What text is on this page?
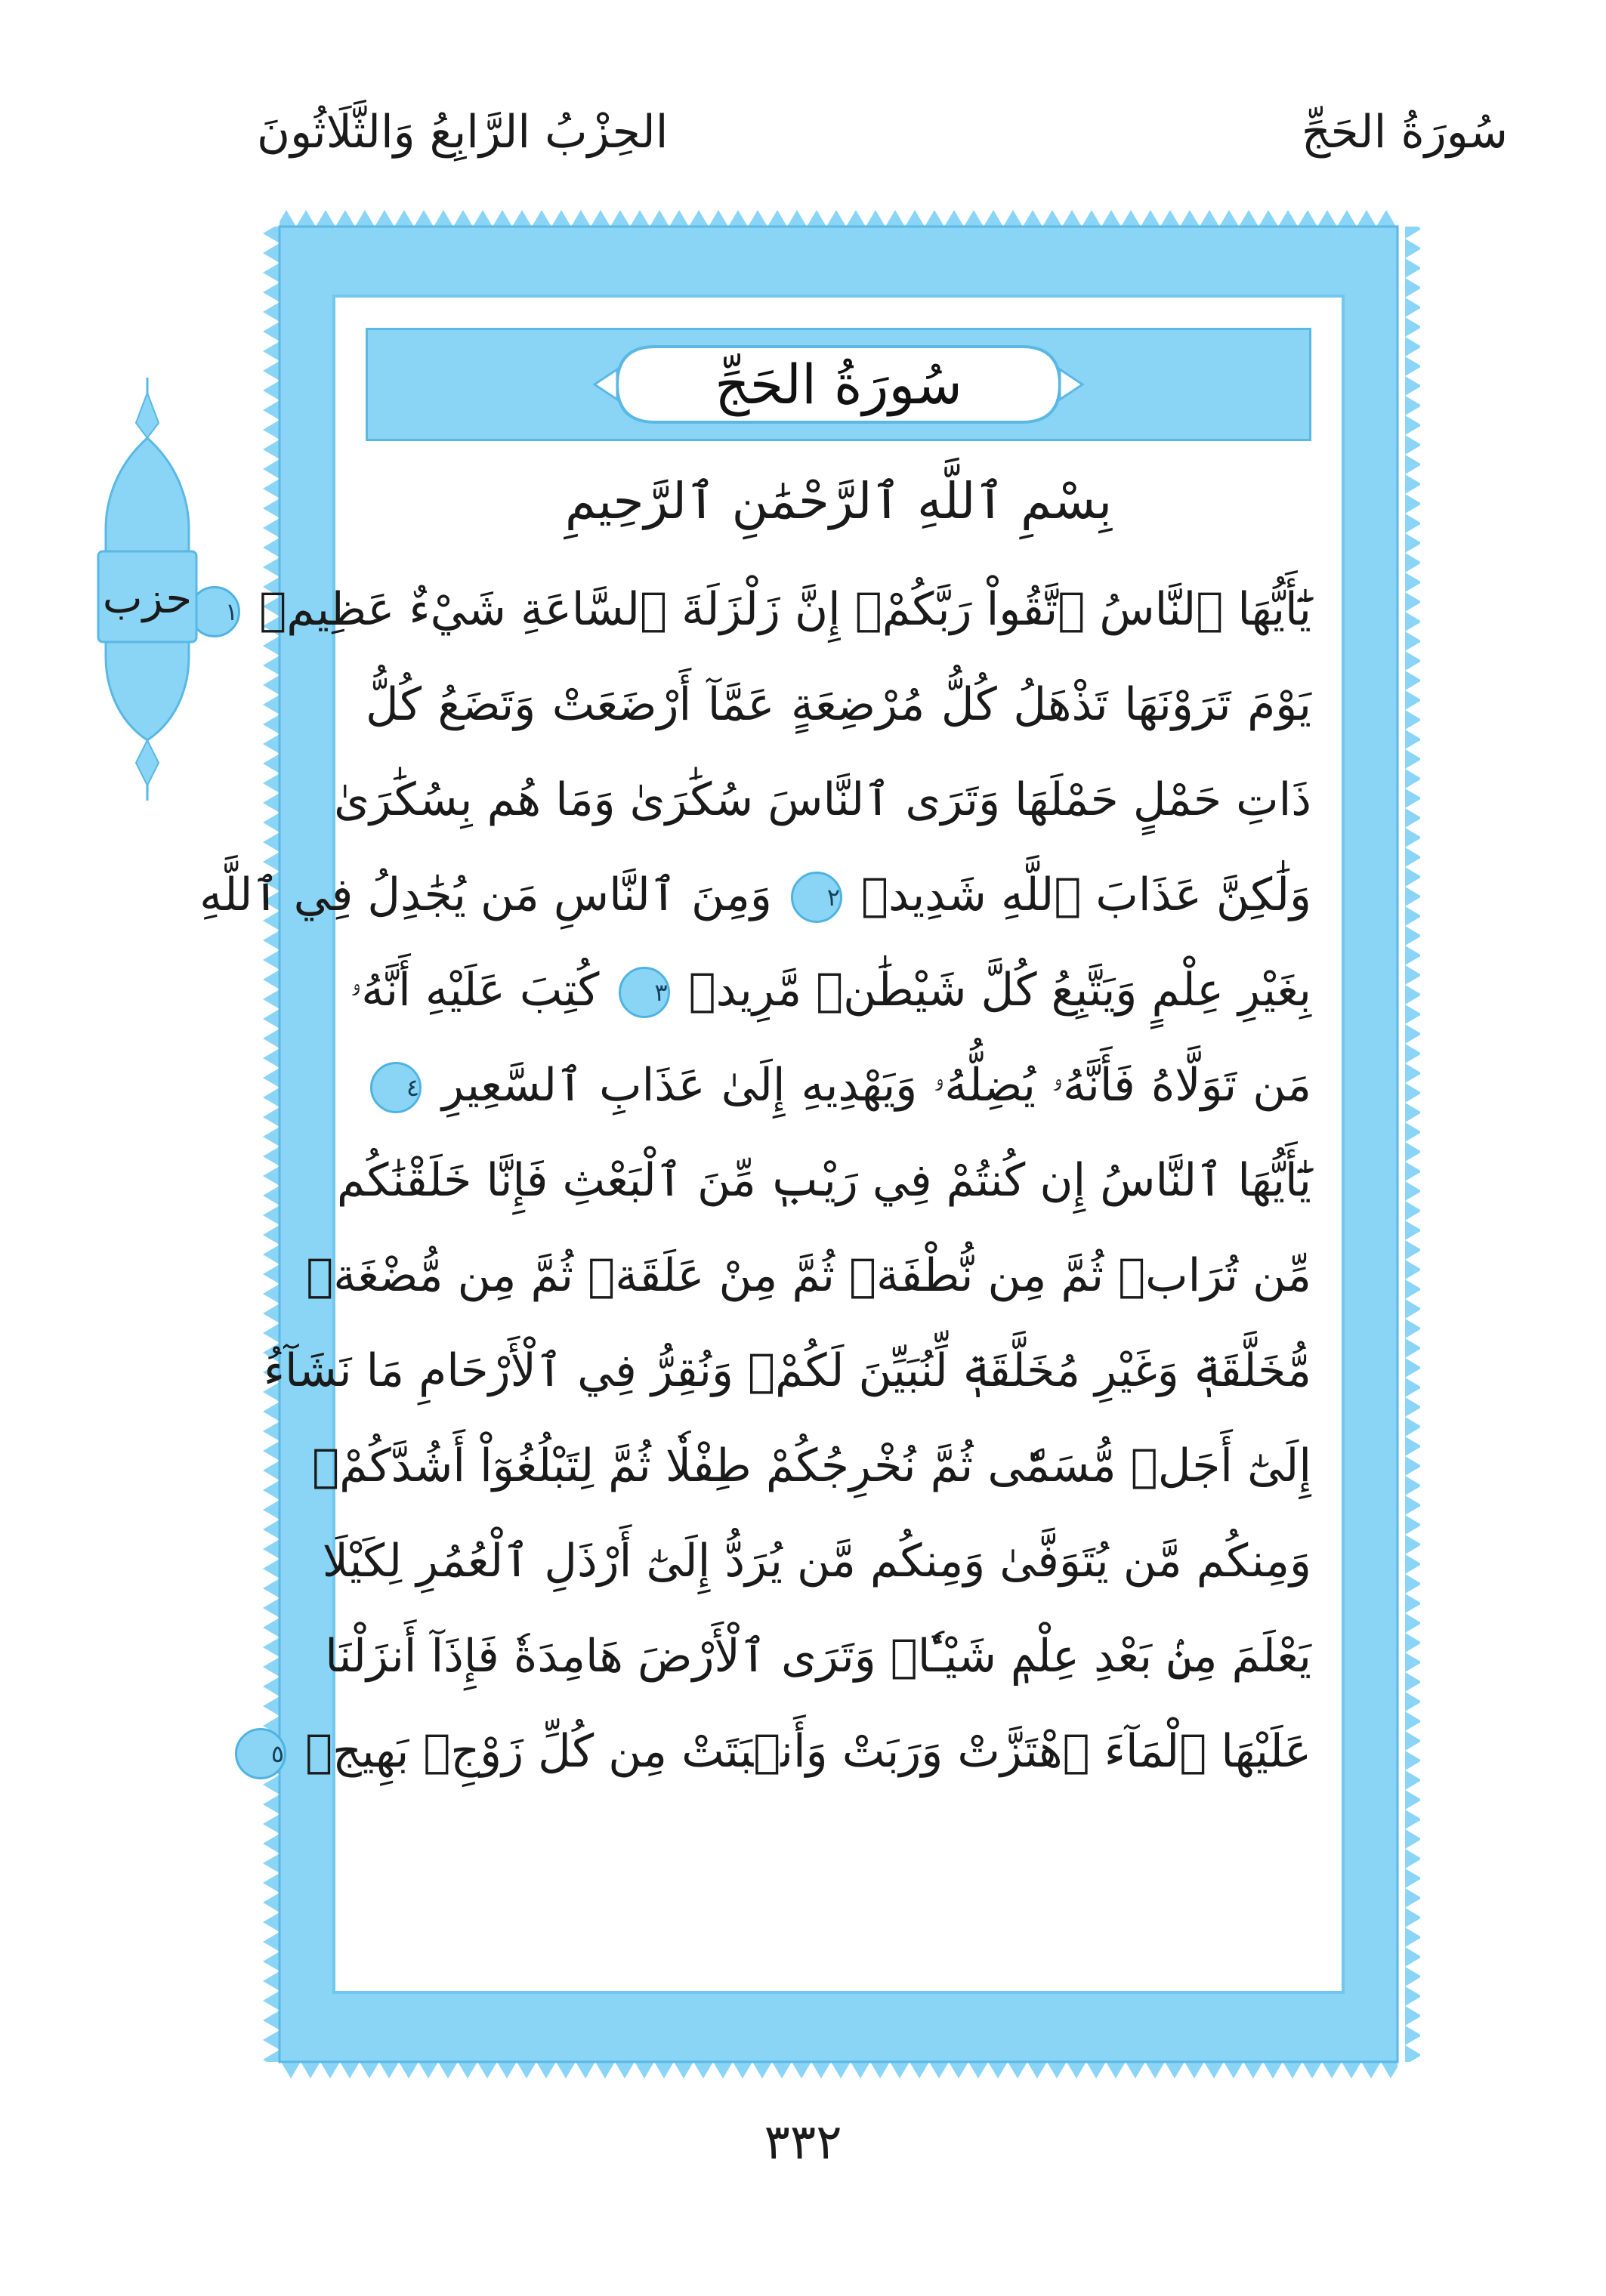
سُورَةُ الحَجِّ
الحِزْبُ الرَّابِعُ وَالثَّلَاثُونَ
سُورَةُ الحَجِّ
بِسْمِ ٱللَّهِ ٱلرَّحْمَٰنِ ٱلرَّحِيمِ
يَٰٓأَيُّهَا ٱلنَّاسُ ٱتَّقُواْ رَبَّكُمْۚ إِنَّ زَلْزَلَةَ ٱلسَّاعَةِ شَيْءٌ عَظِيمٞ ١
يَوْمَ تَرَوْنَهَا تَذْهَلُ كُلُّ مُرْضِعَةٍ عَمَّآ أَرْضَعَتْ وَتَضَعُ كُلُّ
ذَاتِ حَمْلٍ حَمْلَهَا وَتَرَى ٱلنَّاسَ سُكَٰرَىٰ وَمَا هُم بِسُكَٰرَىٰ
وَلَٰكِنَّ عَذَابَ ٱللَّهِ شَدِيدٞ ٢ وَمِنَ ٱلنَّاسِ مَن يُجَٰدِلُ فِي ٱللَّهِ
بِغَيْرِ عِلْمٍ وَيَتَّبِعُ كُلَّ شَيْطَٰنٖ مَّرِيدٖ ٣ كُتِبَ عَلَيْهِ أَنَّهُۥ
مَن تَوَلَّاهُ فَأَنَّهُۥ يُضِلُّهُۥ وَيَهْدِيهِ إِلَىٰ عَذَابِ ٱلسَّعِيرِ ٤
يَٰٓأَيُّهَا ٱلنَّاسُ إِن كُنتُمْ فِي رَيْبٖ مِّنَ ٱلْبَعْثِ فَإِنَّا خَلَقْنَٰكُم
مِّن تُرَابٖ ثُمَّ مِن نُّطْفَةٖ ثُمَّ مِنْ عَلَقَةٖ ثُمَّ مِن مُّضْغَةٖ
مُّخَلَّقَةٖ وَغَيْرِ مُخَلَّقَةٖ لِّنُبَيِّنَ لَكُمْۚ وَنُقِرُّ فِي ٱلْأَرْحَامِ مَا نَشَآءُ
إِلَىٰٓ أَجَلٖ مُّسَمّٗى ثُمَّ نُخْرِجُكُمْ طِفْلٗا ثُمَّ لِتَبْلُغُوٓاْ أَشُدَّكُمْۖ
وَمِنكُم مَّن يُتَوَفَّىٰ وَمِنكُم مَّن يُرَدُّ إِلَىٰٓ أَرْذَلِ ٱلْعُمُرِ لِكَيْلَا
يَعْلَمَ مِنۢ بَعْدِ عِلْمٖ شَيْـٔٗاۚ وَتَرَى ٱلْأَرْضَ هَامِدَةٗ فَإِذَآ أَنزَلْنَا
عَلَيْهَا ٱلْمَآءَ ٱهْتَزَّتْ وَرَبَتْ وَأَنۢبَتَتْ مِن كُلِّ زَوْجِۭ بَهِيجٖ ٥
حزب
٣٣٢
